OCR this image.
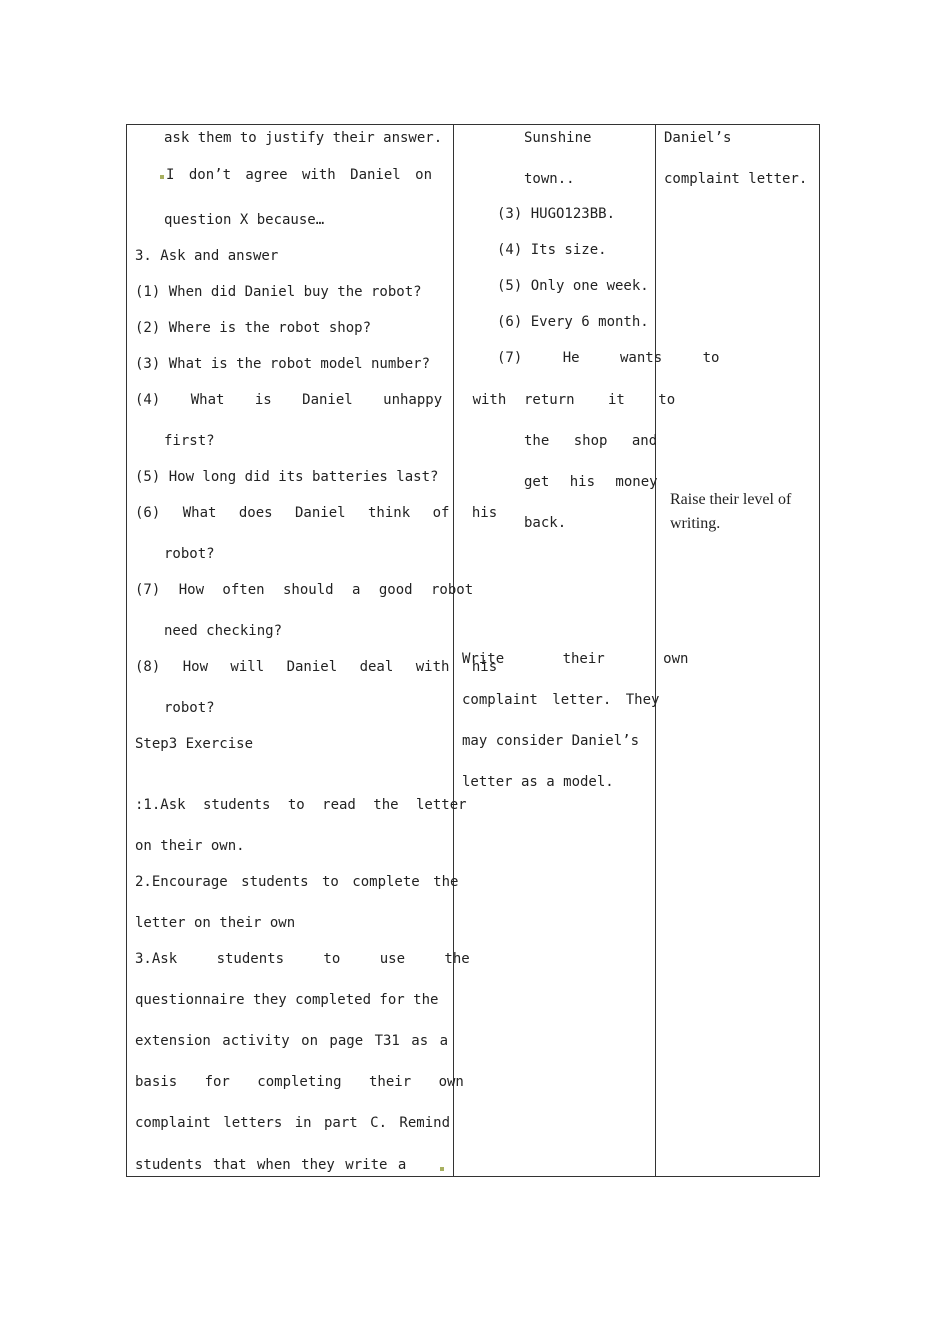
ask them to justify their answer.
I don’t agree with Daniel on
question X because…
3. Ask and answer
(1) When did Daniel buy the robot?
(2) Where is the robot shop?
(3) What is the robot model number?
(4) What is Daniel unhappy with
first?
(5) How long did its batteries last?
(6) What does Daniel think of his
robot?
(7) How often should a good robot
need checking?
(8) How will Daniel deal with his
robot?
Step3 Exercise
:1.Ask students to read the letter
on their own.
2.Encourage students to complete the
letter on their own
3.Ask students to use the
questionnaire they completed for the
extension activity on page T31 as a
basis for completing their own
complaint letters in part C. Remind
students that when they write a
Sunshine
town..
(3) HUGO123BB.
(4) Its size.
(5) Only one week.
(6) Every 6 month.
(7) He wants to
return it to
the shop and
get his money
back.
Write their own
complaint letter. They
may consider Daniel’s
letter as a model.
Daniel’s
complaint letter.
Raise their level of
writing.
